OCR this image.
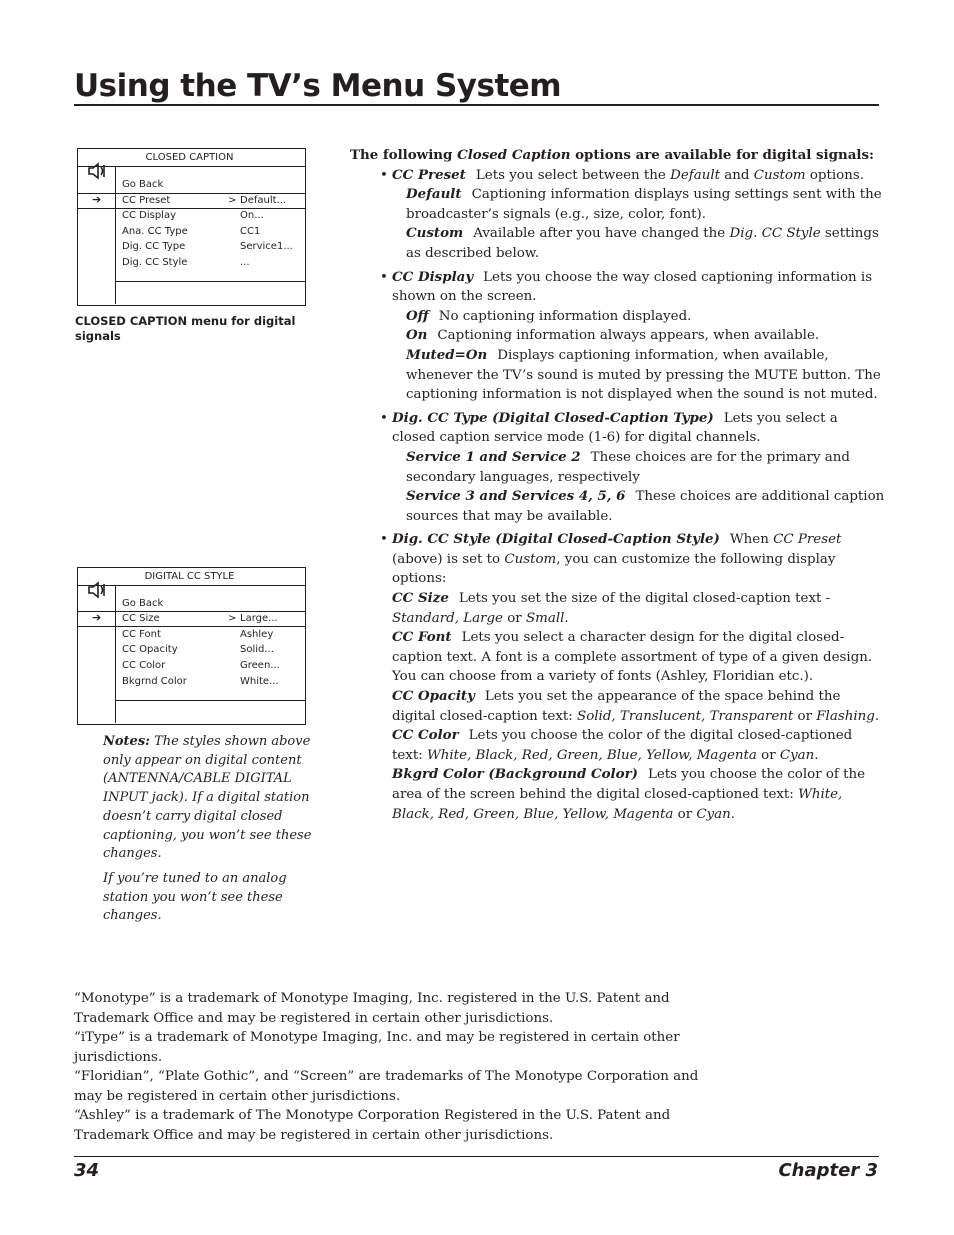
Using the TV’s Menu System
CLOSED CAPTION
Go Back
➔ CC Preset	> Default...
CC Display	On...
Ana. CC Type	CC1
Dig. CC Type	Service1...
Dig. CC Style	...
CLOSED CAPTION menu for digital signals
DIGITAL CC STYLE
Go Back
➔ CC Size	> Large...
CC Font	Ashley
CC Opacity	Solid...
CC Color	Green...
Bkgrnd Color	White...

Notes: The styles shown above only appear on digital content (ANTENNA/CABLE DIGITAL INPUT jack). If a digital station doesn’t carry digital closed captioning, you won’t see these changes.

If you’re tuned to an analog station you won’t see these changes.

The following Closed Caption options are available for digital signals:

• CC Preset Lets you select between the Default and Custom options.

Default Captioning information displays using settings sent with the broadcaster’s signals (e.g., size, color, font).

Custom Available after you have changed the Dig. CC Style settings as described below.

• CC Display Lets you choose the way closed captioning information is shown on the screen.

Off No captioning information displayed.

On Captioning information always appears, when available.

Muted=On Displays captioning information, when available, whenever the TV’s sound is muted by pressing the MUTE button. The captioning information is not displayed when the sound is not muted.

• Dig. CC Type (Digital Closed-Caption Type) Lets you select a closed caption service mode (1-6) for digital channels.

Service 1 and Service 2 These choices are for the primary and secondary languages, respectively

Service 3 and Services 4, 5, 6 These choices are additional caption sources that may be available.

• Dig. CC Style (Digital Closed-Caption Style) When CC Preset (above) is set to Custom, you can customize the following display options:

CC Size Lets you set the size of the digital closed-caption text - Standard, Large or Small.

CC Font Lets you select a character design for the digital closed-caption text. A font is a complete assortment of type of a given design. You can choose from a variety of fonts (Ashley, Floridian etc.).

CC Opacity Lets you set the appearance of the space behind the digital closed-caption text: Solid, Translucent, Transparent or Flashing.

CC Color Lets you choose the color of the digital closed-captioned text: White, Black, Red, Green, Blue, Yellow, Magenta or Cyan.

Bkgrd Color (Background Color) Lets you choose the color of the area of the screen behind the digital closed-captioned text: White, Black, Red, Green, Blue, Yellow, Magenta or Cyan.

“Monotype” is a trademark of Monotype Imaging, Inc. registered in the U.S. Patent and Trademark Office and may be registered in certain other jurisdictions.

“iType” is a trademark of Monotype Imaging, Inc. and may be registered in certain other jurisdictions.

“Floridian”, “Plate Gothic”, and “Screen” are trademarks of The Monotype Corporation and may be registered in certain other jurisdictions.

“Ashley” is a trademark of The Monotype Corporation Registered in the U.S. Patent and Trademark Office and may be registered in certain other jurisdictions.

34	Chapter 3
